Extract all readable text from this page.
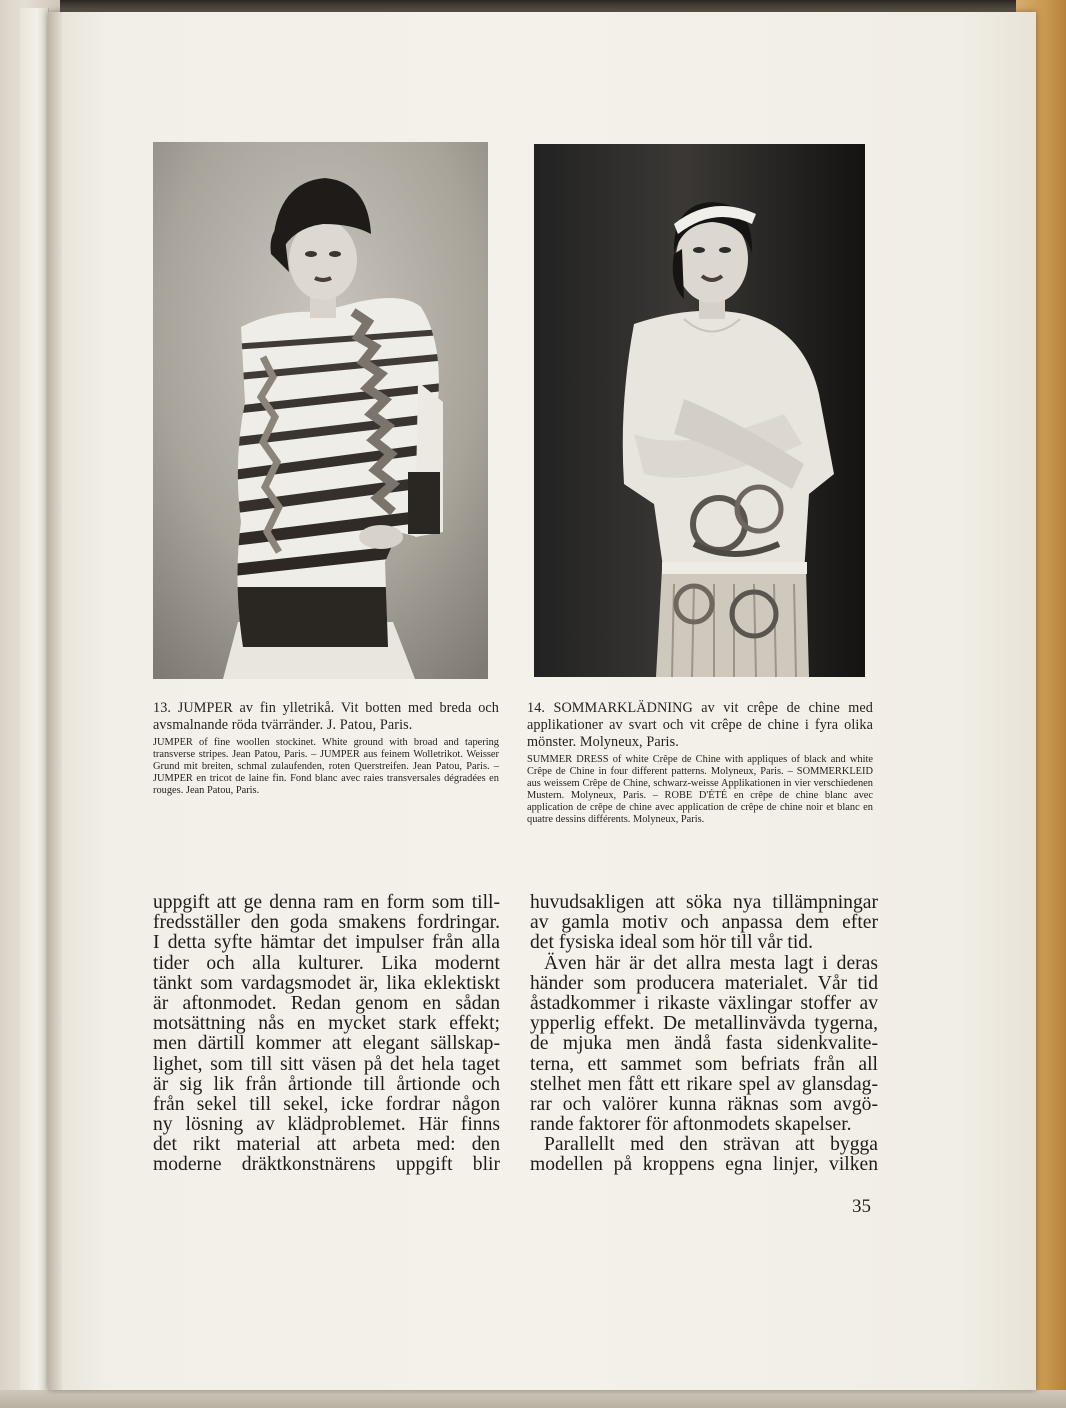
13. JUMPER av fin ylletrikå. Vit botten med breda och avsmalnande röda tvärränder. J. Patou, Paris.
JUMPER of fine woollen stockinet. White ground with broad and tapering transverse stripes. Jean Patou, Paris. – JUMPER aus feinem Wolletrikot. Weisser Grund mit breiten, schmal zulaufenden, roten Querstreifen. Jean Patou, Paris. – JUMPER en tricot de laine fin. Fond blanc avec raies transversales dégradées en rouges. Jean Patou, Paris.
14. SOMMARKLÄDNING av vit crêpe de chine med applikationer av svart och vit crêpe de chine i fyra olika mönster. Molyneux, Paris.
SUMMER DRESS of white Crêpe de Chine with appliques of black and white Crêpe de Chine in four different patterns. Molyneux, Paris. – SOMMERKLEID aus weissem Crêpe de Chine, schwarz-weisse Applikationen in vier verschiedenen Mustern. Molyneux, Paris. – ROBE D'ÉTÉ en crêpe de chine blanc avec application de crêpe de chine avec application de crêpe de chine noir et blanc en quatre dessins différents. Molyneux, Paris.
uppgift att ge denna ram en form som till-
fredsställer den goda smakens fordringar.
I detta syfte hämtar det impulser från alla
tider och alla kulturer. Lika modernt
tänkt som vardagsmodet är, lika eklektiskt
är aftonmodet. Redan genom en sådan
motsättning nås en mycket stark effekt;
men därtill kommer att elegant sällskap-
lighet, som till sitt väsen på det hela taget
är sig lik från årtionde till årtionde och
från sekel till sekel, icke fordrar någon
ny lösning av klädproblemet. Här finns
det rikt material att arbeta med: den
moderne dräktkonstnärens uppgift blir
huvudsakligen att söka nya tillämpningar
av gamla motiv och anpassa dem efter
det fysiska ideal som hör till vår tid.
Även här är det allra mesta lagt i deras
händer som producera materialet. Vår tid
åstadkommer i rikaste växlingar stoffer av
ypperlig effekt. De metallinvävda tygerna,
de mjuka men ändå fasta sidenkvalite-
terna, ett sammet som befriats från all
stelhet men fått ett rikare spel av glansdag-
rar och valörer kunna räknas som avgö-
rande faktorer för aftonmodets skapelser.
Parallellt med den strävan att bygga
modellen på kroppens egna linjer, vilken
35
